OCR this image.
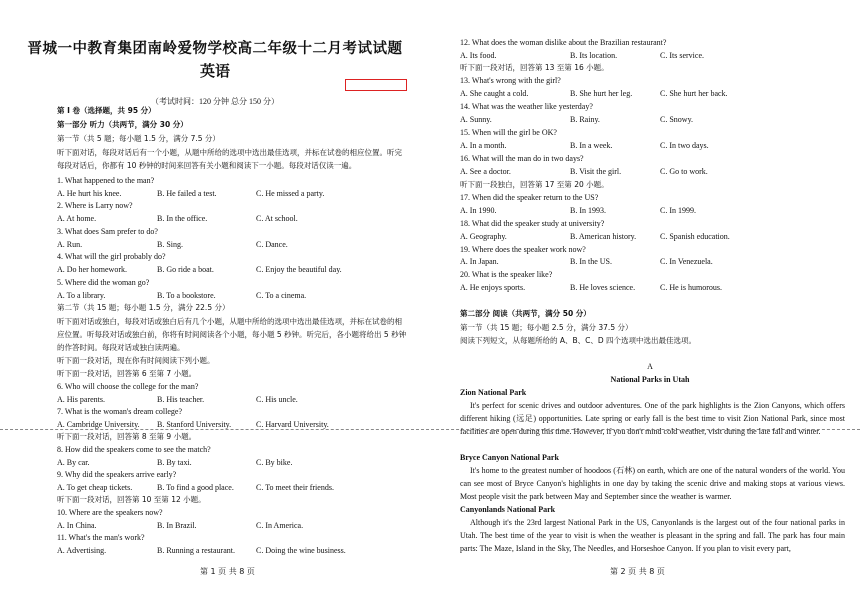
晋城一中教育集团南岭爱物学校高二年级十二月考试试题
英语
（考试时间：120 分钟 总分 150 分）
第 I 卷（选择题，共 95 分）
第一部分 听力（共两节，满分 30 分）
第一节（共 5 题；每小题 1.5 分，满分 7.5 分）
听下面对话，每段对话后有一个小题，从题中所给的选项中选出最佳选项，并标在试卷的相应位置。听完
每段对话后，你都有 10 秒钟的时间来回答有关小题和阅读下一小题。每段对话仅读一遍。
1. What happened to the man?
2. Where is Larry now?
3. What does Sam prefer to do?
4. What will the girl probably do?
5. Where did the woman go?
第二节（共 15 题；每小题 1.5 分，满分 22.5 分）
听下面对话或独白，每段对话或独白后有几个小题，从题中所给的选项中选出最佳选项，并标在试卷的相
应位置。听每段对话或独白前，你将有时间阅读各个小题，每小题 5 秒钟。听完后，各小题将给出 5 秒钟
的作答时间。每段对话或独白读两遍。
听下面一段对话，现在你有时间阅读下列小题。
听下面一段对话，回答第 6 至第 7 小题。
6. Who will choose the college for the man?
7. What is the woman's dream college?
听下面一段对话，回答第 8 至第 9 小题。
8. How did the speakers come to see the match?
9. Why did the speakers arrive early?
听下面一段对话，回答第 10 至第 12 小题。
10. Where are the speakers now?
11. What's the man's work?
A. He hurt his knee.	B. He failed a test.	C. He missed a party.
A. At home.	B. In the office.	C. At school.
A. Run.	B. Sing.	C. Dance.
A. Do her homework.	B. Go ride a boat.	C. Enjoy the beautiful day.
A. To a library.	B. To a bookstore.	C. To a cinema.
A. His parents.	B. His teacher.	C. His uncle.
A. Cambridge University. B. Stanford University.	C. Harvard University.
A. By car.	B. By taxi.	C. By bike.
A. To get cheap tickets.	B. To find a good place.	C. To meet their friends.
A. In China.	B. In Brazil.	C. In America.
A. Advertising.	B. Running a restaurant.	C. Doing the wine business.
第 1 页 共 8 页
12. What does the woman dislike about the Brazilian restaurant?
听下面一段对话，回答第 13 至第 16 小题。
13. What's wrong with the girl?
14. What was the weather like yesterday?
15. When will the girl be OK?
16. What will the man do in two days?
听下面一段独白，回答第 17 至第 20 小题。
17. When did the speaker return to the US?
18. What did the speaker study at university?
19. Where does the speaker work now?
20. What is the speaker like?
第二部分 阅读（共两节，满分 50 分）
第一节（共 15 题；每小题 2.5 分，满分 37.5 分）
阅读下列短文，从每题所给的 A、B、C、D 四个选项中选出最佳选项。
A. Its food.	B. Its location.	C. Its service.
A. She caught a cold.	B. She hurt her leg.	C. She hurt her back.
A. Sunny.	B. Rainy.	C. Snowy.
A. In a month.	B. In a week.	C. In two days.
A. See a doctor.	B. Visit the girl.	C. Go to work.
A. In 1990.	B. In 1993.	C. In 1999.
A. Geography.	B. American history.	C. Spanish education.
A. In Japan.	B. In the US.	C. In Venezuela.
A. He enjoys sports.	B. He loves science.	C. He is humorous.
A
National Parks in Utah
Zion National Park
It's perfect for scenic drives and outdoor adventures. One of the park highlights is the Zion Canyons, which offers different hiking (远足) opportunities. Late spring or early fall is the best time to visit Zion National Park, since most facilities are open during this time. However, if you don't mind cold weather, visit during the late fall and winter.
Bryce Canyon National Park
It's home to the greatest number of hoodoos (石林) on earth, which are one of the natural wonders of the world. You can see most of Bryce Canyon's highlights in one day by taking the scenic drive and making stops at various views. Most people visit the park between May and September since the weather is warmer.
Canyonlands National Park
Although it's the 23rd largest National Park in the US, Canyonlands is the largest out of the four national parks in Utah. The best time of the year to visit is when the weather is pleasant in the spring and fall. The park has four main parts: The Maze, Island in the Sky, The Needles, and Horseshoe Canyon. If you plan to visit every part,
第 2 页 共 8 页
